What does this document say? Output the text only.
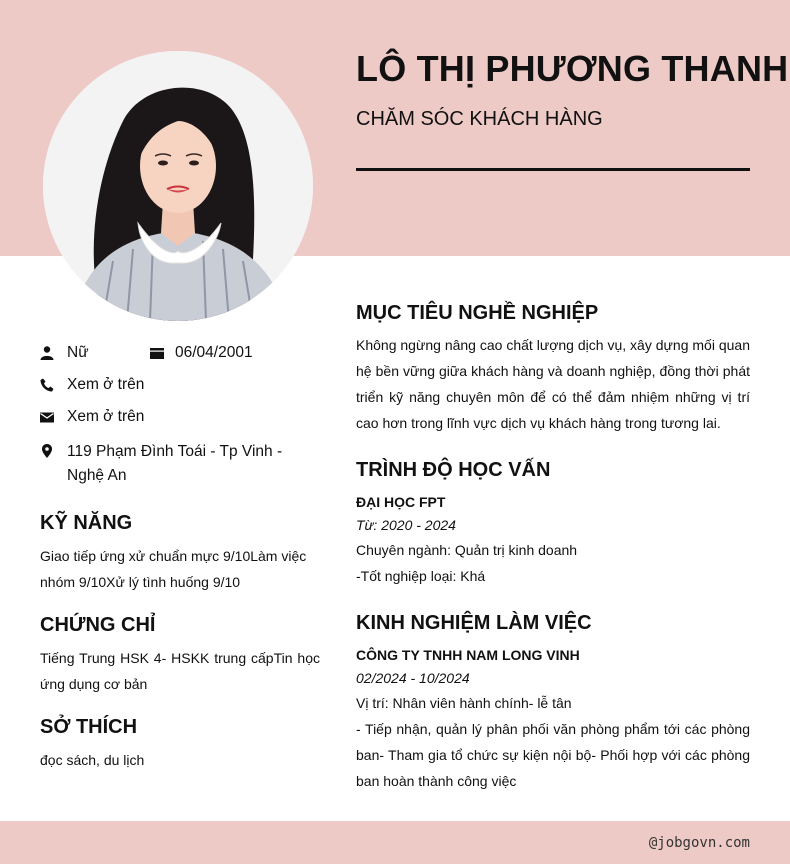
LÔ THỊ PHƯƠNG THANH
CHĂM SÓC KHÁCH HÀNG
Nữ	06/04/2001
Xem ở trên
Xem ở trên
119 Phạm Đình Toái - Tp Vinh - Nghệ An
KỸ NĂNG
Giao tiếp ứng xử chuẩn mực 9/10Làm việc nhóm 9/10Xử lý tình huống 9/10
CHỨNG CHỈ
Tiếng Trung HSK 4- HSKK trung cấpTin học ứng dụng cơ bản
SỞ THÍCH
đọc sách, du lịch
MỤC TIÊU NGHỀ NGHIỆP
Không ngừng nâng cao chất lượng dịch vụ, xây dựng mối quan hệ bền vững giữa khách hàng và doanh nghiệp, đồng thời phát triển kỹ năng chuyên môn để có thể đảm nhiệm những vị trí cao hơn trong lĩnh vực dịch vụ khách hàng trong tương lai.
TRÌNH ĐỘ HỌC VẤN
ĐẠI HỌC FPT
Từ: 2020 - 2024
Chuyên ngành: Quản trị kinh doanh
-Tốt nghiệp loại: Khá
KINH NGHIỆM LÀM VIỆC
CÔNG TY TNHH NAM LONG VINH
02/2024 - 10/2024
Vị trí: Nhân viên hành chính- lễ tân
- Tiếp nhận, quản lý phân phối văn phòng phẩm tới các phòng ban- Tham gia tổ chức sự kiện nội bộ- Phối hợp với các phòng ban hoàn thành công việc
@jobgovn.com
